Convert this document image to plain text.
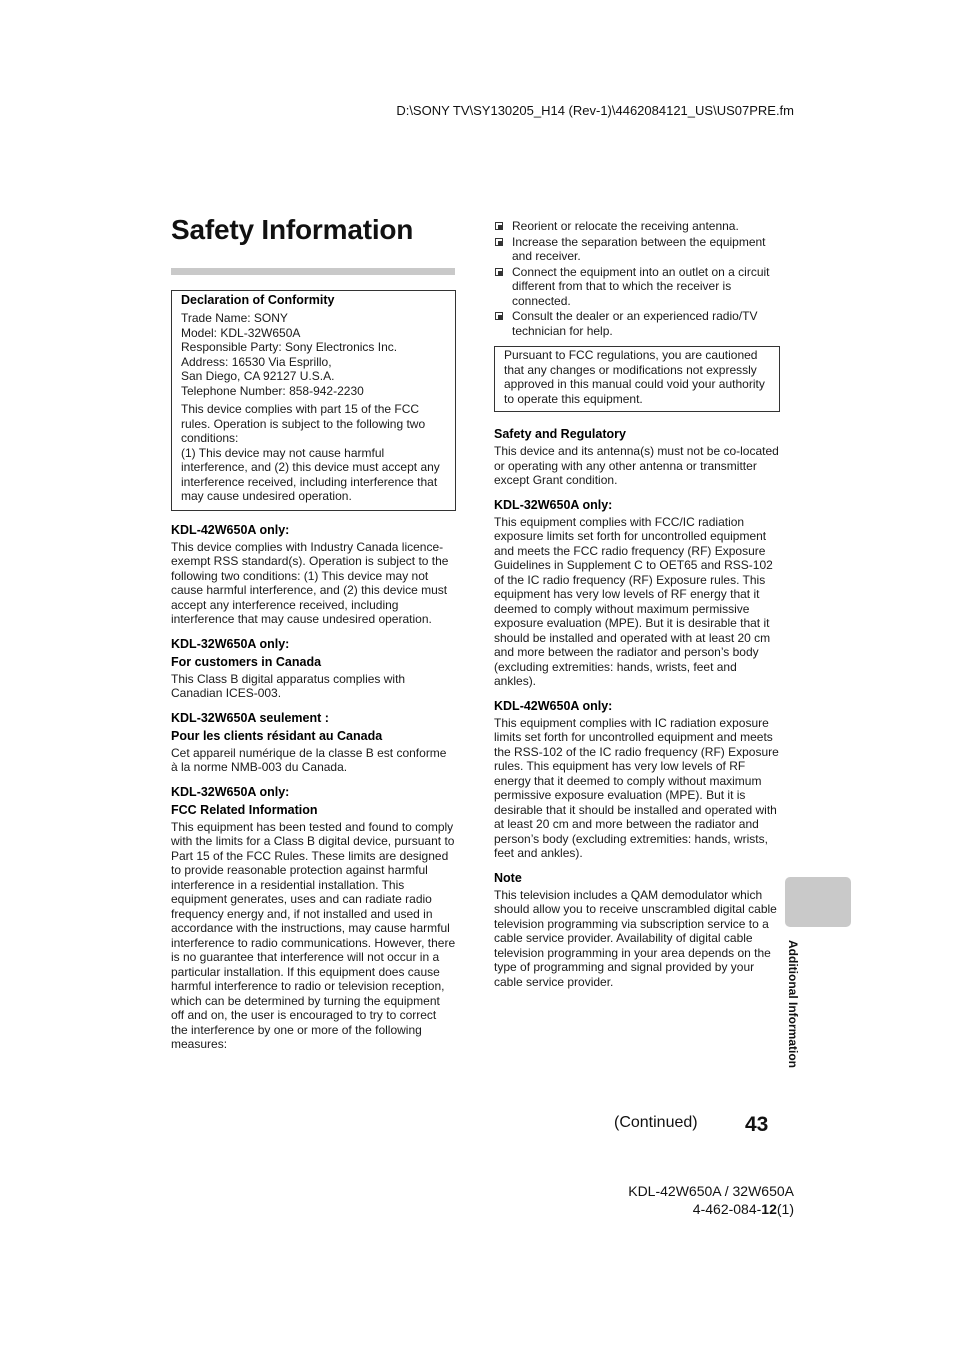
D:\SONY TV\SY130205_H14 (Rev-1)\4462084121_US\US07PRE.fm
Safety Information
Declaration of Conformity

Trade Name: SONY

Model: KDL-32W650A

Responsible Party: Sony Electronics Inc.

Address: 16530 Via Esprillo,

San Diego, CA 92127 U.S.A.

Telephone Number: 858-942-2230

This device complies with part 15 of the FCC rules. Operation is subject to the following two conditions:

(1) This device may not cause harmful interference, and (2) this device must accept any interference received, including interference that may cause undesired operation.

KDL-42W650A only:

This device complies with Industry Canada licence-exempt RSS standard(s). Operation is subject to the following two conditions: (1) This device may not cause harmful interference, and (2) this device must accept any interference received, including interference that may cause undesired operation.

KDL-32W650A only:
For customers in Canada

This Class B digital apparatus complies with Canadian ICES-003.

KDL-32W650A seulement :
Pour les clients résidant au Canada

Cet appareil numérique de la classe B est conforme à la norme NMB-003 du Canada.

KDL-32W650A only:
FCC Related Information

This equipment has been tested and found to comply with the limits for a Class B digital device, pursuant to Part 15 of the FCC Rules. These limits are designed to provide reasonable protection against harmful interference in a residential installation. This equipment generates, uses and can radiate radio frequency energy and, if not installed and used in accordance with the instructions, may cause harmful interference to radio communications. However, there is no guarantee that interference will not occur in a particular installation. If this equipment does cause harmful interference to radio or television reception, which can be determined by turning the equipment off and on, the user is encouraged to try to correct the interference by one or more of the following measures:

Reorient or relocate the receiving antenna.
Increase the separation between the equipment and receiver.
Connect the equipment into an outlet on a circuit different from that to which the receiver is connected.
Consult the dealer or an experienced radio/TV technician for help.

Pursuant to FCC regulations, you are cautioned that any changes or modifications not expressly approved in this manual could void your authority to operate this equipment.

Safety and Regulatory

This device and its antenna(s) must not be co-located or operating with any other antenna or transmitter except Grant condition.

KDL-32W650A only:

This equipment complies with FCC/IC radiation exposure limits set forth for uncontrolled equipment and meets the FCC radio frequency (RF) Exposure Guidelines in Supplement C to OET65 and RSS-102 of the IC radio frequency (RF) Exposure rules. This equipment has very low levels of RF energy that it deemed to comply without maximum permissive exposure evaluation (MPE). But it is desirable that it should be installed and operated with at least 20 cm and more between the radiator and person’s body (excluding extremities: hands, wrists, feet and ankles).

KDL-42W650A only:

This equipment complies with IC radiation exposure limits set forth for uncontrolled equipment and meets the RSS-102 of the IC radio frequency (RF) Exposure rules. This equipment has very low levels of RF energy that it deemed to comply without maximum permissive exposure evaluation (MPE). But it is desirable that it should be installed and operated with at least 20 cm and more between the radiator and person’s body (excluding extremities: hands, wrists, feet and ankles).

Note

This television includes a QAM demodulator which should allow you to receive unscrambled digital cable television programming via subscription service to a cable service provider. Availability of digital cable television programming in your area depends on the type of programming and signal provided by your cable service provider.	Additional Information
(Continued) 43
KDL-42W650A / 32W650A
4-462-084-12(1)
